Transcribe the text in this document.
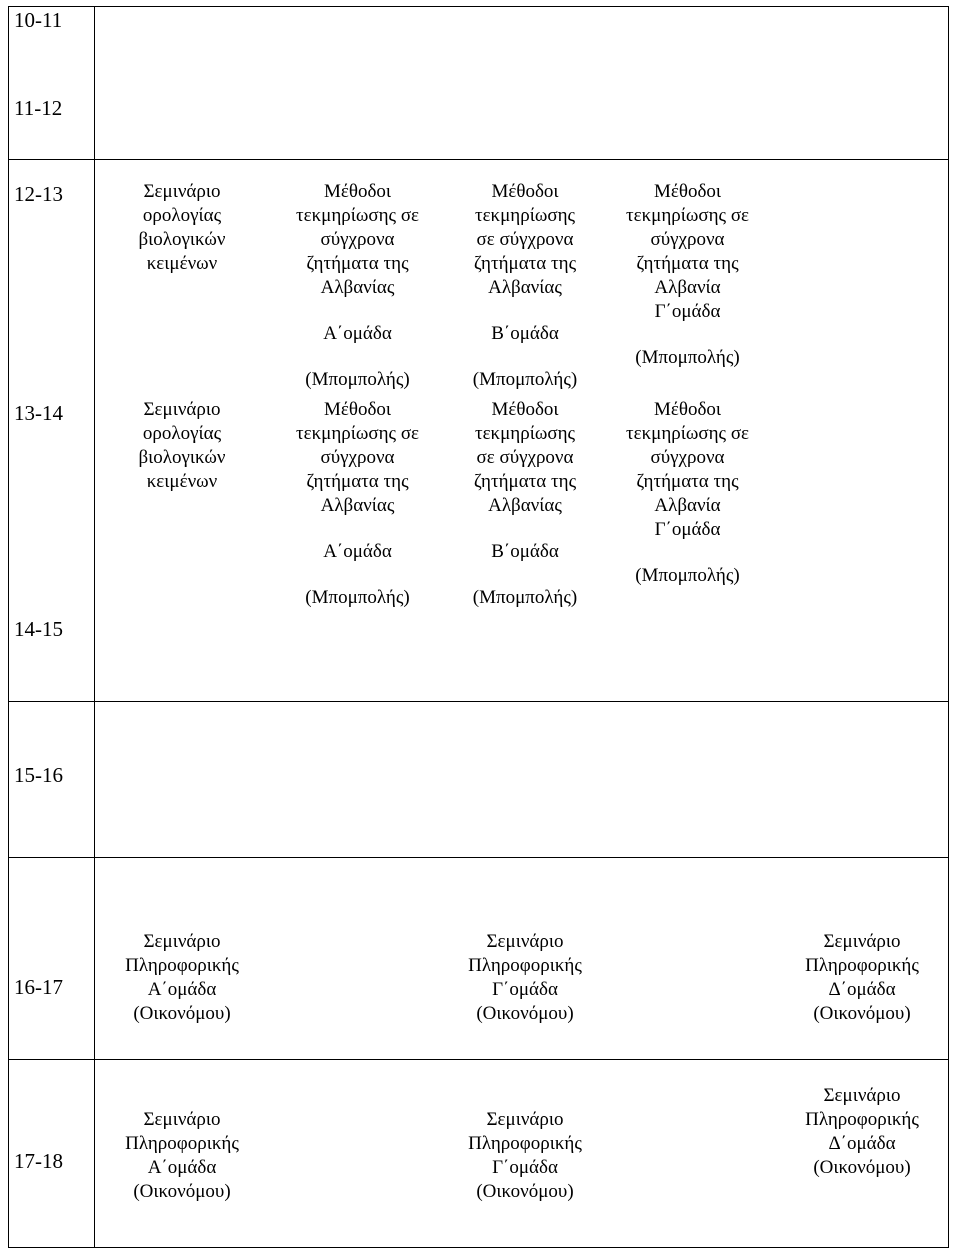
10-11
11-12
12-13
13-14
14-15
15-16
16-17
17-18
Σεμινάριο
ορολογίας
βιολογικών
κειμένων
Μέθοδοι
τεκμηρίωσης σε
σύγχρονα
ζητήματα της
Αλβανίας
Α΄ομάδα
(Μπομπολής)
Μέθοδοι
τεκμηρίωσης
σε σύγχρονα
ζητήματα της
Αλβανίας
Β΄ομάδα
(Μπομπολής)
Μέθοδοι
τεκμηρίωσης σε
σύγχρονα
ζητήματα της
Αλβανία
Γ΄ομάδα
(Μπομπολής)
Σεμινάριο
ορολογίας
βιολογικών
κειμένων
Μέθοδοι
τεκμηρίωσης σε
σύγχρονα
ζητήματα της
Αλβανίας
Α΄ομάδα
(Μπομπολής)
Μέθοδοι
τεκμηρίωσης
σε σύγχρονα
ζητήματα της
Αλβανίας
Β΄ομάδα
(Μπομπολής)
Μέθοδοι
τεκμηρίωσης σε
σύγχρονα
ζητήματα της
Αλβανία
Γ΄ομάδα
(Μπομπολής)
Σεμινάριο
Πληροφορικής
Α΄ομάδα
(Οικονόμου)
Σεμινάριο
Πληροφορικής
Γ΄ομάδα
(Οικονόμου)
Σεμινάριο
Πληροφορικής
Δ΄ομάδα
(Οικονόμου)
Σεμινάριο
Πληροφορικής
Α΄ομάδα
(Οικονόμου)
Σεμινάριο
Πληροφορικής
Γ΄ομάδα
(Οικονόμου)
Σεμινάριο
Πληροφορικής
Δ΄ομάδα
(Οικονόμου)
